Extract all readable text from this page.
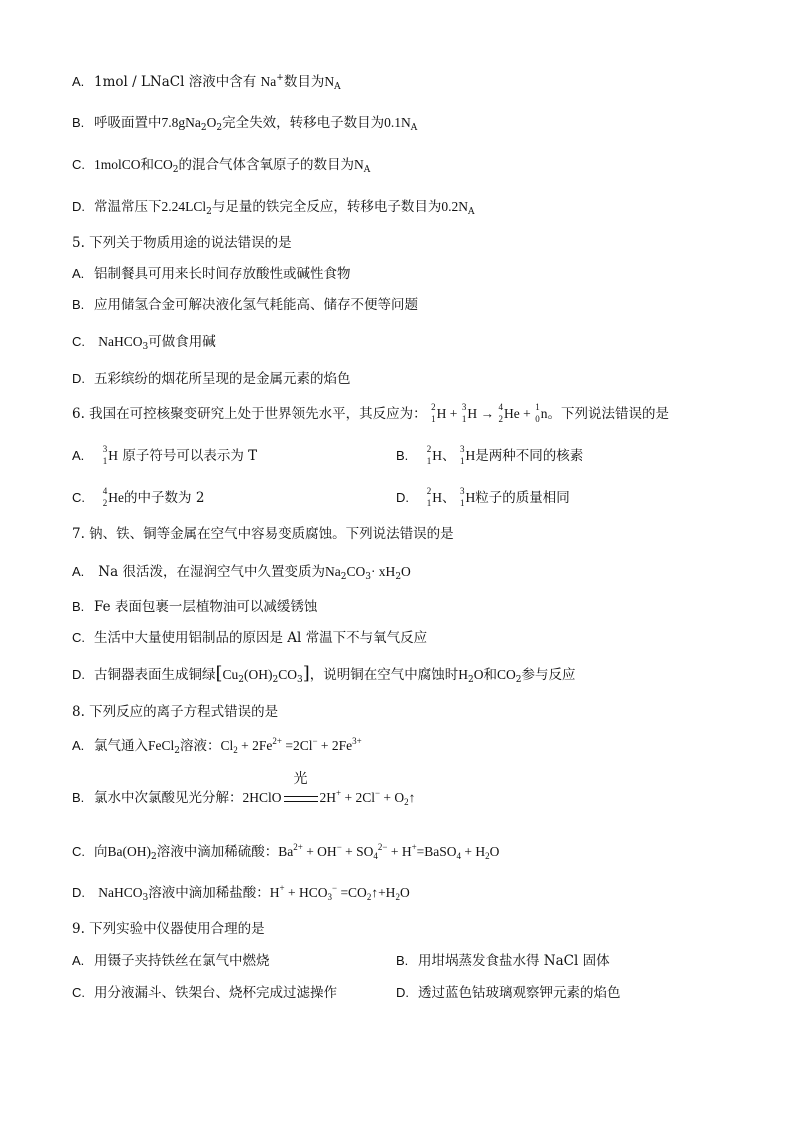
A. 1mol / LNaCl 溶液中含有 Na+数目为$N_A$
B. 呼吸面置中$7.8gNa_2O_2$完全失效，转移电子数目为$0.1N_A$
C. 1molCO和$CO_2$的混合气体含氧原子的数目为$N_A$
D. 常温常压下2.24LCl$_2$与足量的铁完全反应，转移电子数目为$0.2N_A$
5. 下列关于物质用途的说法错误的是
A. 铝制餐具可用来长时间存放酸性或碱性食物
B. 应用储氢合金可解决液化氢气耗能高、储存不便等问题
C. NaHCO$_3$可做食用碱
D. 五彩缤纷的烟花所呈现的是金属元素的焰色
6. 我国在可控核聚变研究上处于世界领先水平，其反应为： 2
1 H + 3
1 H → 4
2 He + 1
0 n。下列说法错误的是
A. 3
1 H 原子符号可以表示为 T	B. 2
1 H、 3
1 H是两种不同的核素
C. 4
2 He的中子数为 2	D. 2
1 H、 3
1 H粒子的质量相同
7. 钠、铁、铜等金属在空气中容易变质腐蚀。下列说法错误的是
A. Na 很活泼，在湿润空气中久置变质为$Na_2CO_3\cdot xH_2O$
B. Fe 表面包裹一层植物油可以减缓锈蚀
C. 生活中大量使用铝制品的原因是 Al 常温下不与氧气反应
D. 古铜器表面生成铜绿$[Cu_2(OH)_2CO_3]$，说明铜在空气中腐蚀时$H_2O$和$CO_2$参与反应
8. 下列反应的离子方程式错误的是
A. 氯气通入FeCl$_2$溶液：$Cl_2 + 2Fe^{2+} =2Cl^- + 2Fe^{3+}$
B. 氯水中次氯酸见光分解：2HClO
光
$2H^+ + 2Cl^- + O_2↑$
C. 向$Ba(OH)_2$溶液中滴加稀硫酸：$Ba^{2+} + OH^- + SO_4^{2-}$ + H+=BaSO$_4$ + $H_2O$
D. NaHCO$_3$溶液中滴加稀盐酸：$H^+ + HCO_3^-$ $=CO_2↑+H_2O$
9. 下列实验中仪器使用合理的是
A. 用镊子夹持铁丝在氯气中燃烧	B. 用坩埚蒸发食盐水得 NaCl 固体
C. 用分液漏斗、铁架台、烧杯完成过滤操作	D. 透过蓝色钴玻璃观察钾元素的焰色
